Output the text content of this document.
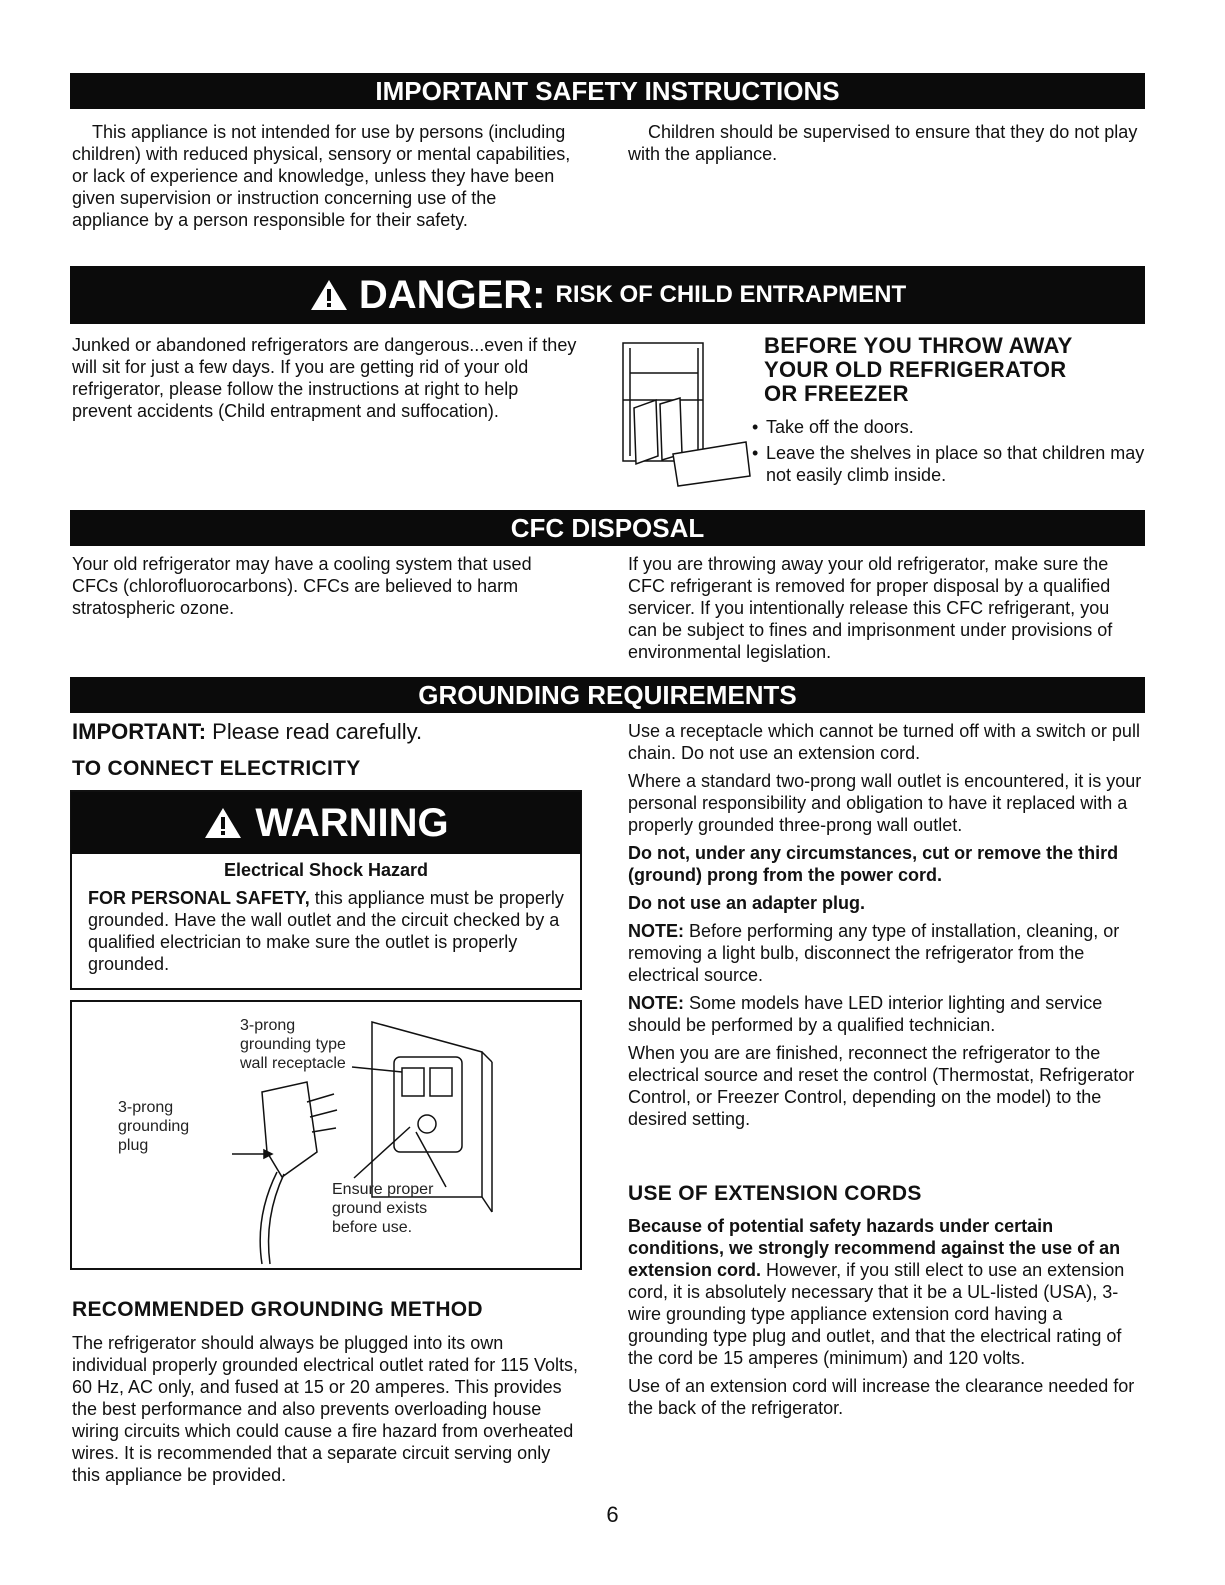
IMPORTANT SAFETY INSTRUCTIONS

This appliance is not intended for use by persons (including children) with reduced physical, sensory or mental capabilities, or lack of experience and knowledge, unless they have been given supervision or instruction concerning use of the appliance by a person responsible for their safety.

Children should be supervised to ensure that they do not play with the appliance.

DANGER: RISK OF CHILD ENTRAPMENT

Junked or abandoned refrigerators are dangerous...even if they will sit for just a few days. If you are getting rid of your old refrigerator, please follow the instructions at right to help prevent accidents (Child entrapment and suffocation).

BEFORE YOU THROW AWAY
YOUR OLD REFRIGERATOR
OR FREEZER
• Take off the doors.
• Leave the shelves in place so that children may not easily climb inside.
CFC DISPOSAL

Your old refrigerator may have a cooling system that used CFCs (chlorofluorocarbons). CFCs are believed to harm stratospheric ozone.

If you are throwing away your old refrigerator, make sure the CFC refrigerant is removed for proper disposal by a qualified servicer. If you intentionally release this CFC refrigerant, you can be subject to fines and imprisonment under provisions of environmental legislation.

GROUNDING REQUIREMENTS
IMPORTANT: Please read carefully.
TO CONNECT ELECTRICITY
WARNING
Electrical Shock Hazard

FOR PERSONAL SAFETY, this appliance must be properly grounded. Have the wall outlet and the circuit checked by a qualified electrician to make sure the outlet is properly grounded.

3-prong grounding type wall receptacle
3-prong grounding plug
Ensure proper ground exists before use.
RECOMMENDED GROUNDING METHOD

The refrigerator should always be plugged into its own individual properly grounded electrical outlet rated for 115 Volts, 60 Hz, AC only, and fused at 15 or 20 amperes. This provides the best performance and also prevents overloading house wiring circuits which could cause a fire hazard from overheated wires. It is recommended that a separate circuit serving only this appliance be provided.

Use a receptacle which cannot be turned off with a switch or pull chain. Do not use an extension cord.

Where a standard two-prong wall outlet is encountered, it is your personal responsibility and obligation to have it replaced with a properly grounded three-prong wall outlet.

Do not, under any circumstances, cut or remove the third (ground) prong from the power cord.

Do not use an adapter plug.

NOTE: Before performing any type of installation, cleaning, or removing a light bulb, disconnect the refrigerator from the electrical source.

NOTE: Some models have LED interior lighting and service should be performed by a qualified technician.

When you are are finished, reconnect the refrigerator to the electrical source and reset the control (Thermostat, Refrigerator Control, or Freezer Control, depending on the model) to the desired setting.

USE OF EXTENSION CORDS

Because of potential safety hazards under certain conditions, we strongly recommend against the use of an extension cord. However, if you still elect to use an extension cord, it is absolutely necessary that it be a UL-listed (USA), 3-wire grounding type appliance extension cord having a grounding type plug and outlet, and that the electrical rating of the cord be 15 amperes (minimum) and 120 volts.

Use of an extension cord will increase the clearance needed for the back of the refrigerator.

6
